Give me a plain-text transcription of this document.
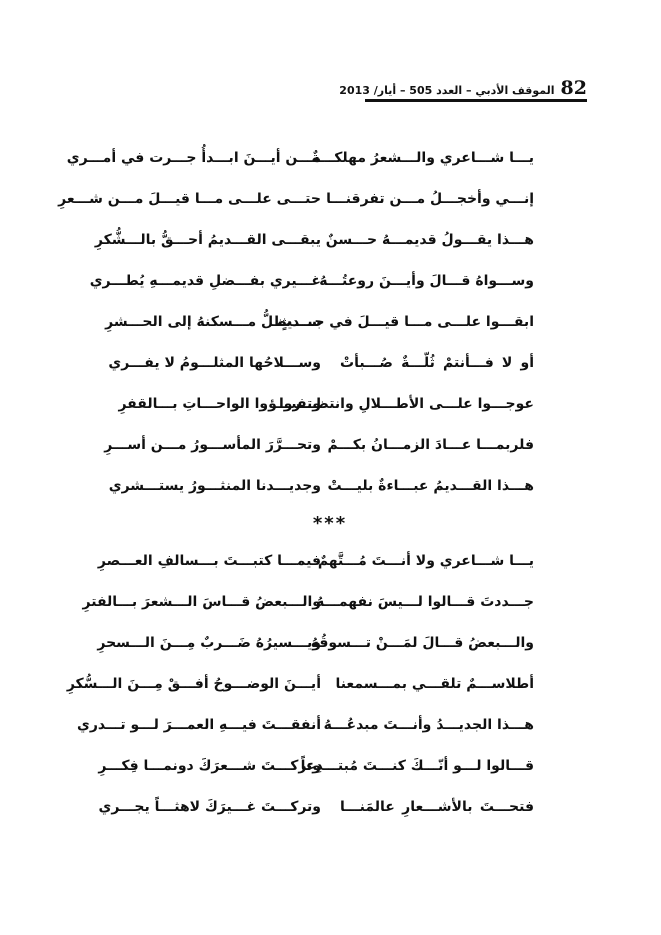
82
الموقف الأدبي – العدد 505 – أيار/ 2013
يـــا شـــاعري والـــشعرُ مهلكـــةٌ
مـــن أيـــنَ ابـــدأُ جـــرت في أمـــري
إنـــي وأخجـــلُ مـــن تفرقنـــا
حتـــى علـــى مـــا قيـــلَ مـــن شـــعرِ
هـــذا يقـــولُ قديمـــهُ حـــسنٌ
يبقـــى القـــديمُ أحـــقُّ بالـــشُّكرِ
وســـواهُ قـــالَ وأيـــنَ روعتُـــهُ
غـــيري بفـــضلِ قديمـــهِ يُطـــري
ابقـــوا علـــى مـــا قيـــلَ في جـــدثٍ
ســـيظلُّ مـــسكنهُ إلى الحـــشرِ
أو لا فـــأنتمْ ثُلّـــةٌ صُـــبأتْ
وســـلاحُها المثلـــومُ لا يفـــري
عوجـــوا علـــى الأطـــلالِ وانتظـــروا
وتفيـــؤوا الواحـــاتِ بـــالقفرِ
فلربمـــا عـــادَ الزمـــانُ بكـــمْ
وتحـــرَّرَ المأســـورُ مـــن أســـرِ
هـــذا القـــديمُ عبـــاءةٌ بليـــتْ
وجديـــدنا المنثـــورُ يستـــشري
***
يـــا شـــاعري ولا أنـــتَ مُـــتَّهمٌ
فيمـــا كتبـــتَ بـــسالفِ العـــصرِ
جـــددتَ قـــالوا لـــيسَ نفهمـــهُ
والـــبعضُ قـــاسَ الـــشعرَ بـــالفترِ
والـــبعضُ قـــالَ لمَـــنْ تـــسوقُهُ
ويـــسيرُهُ ضَـــربٌ مِـــنَ الـــسحرِ
أطلاســـمٌ تلقـــي بمـــسمعنا
أيـــنَ الوضـــوحُ أفـــقْ مِـــنَ الـــسُّكرِ
هـــذا الجديـــدُ وأنـــتَ مبدعُـــهُ
أنفقـــتَ فيـــهِ العمـــرَ لـــو تـــدري
قـــالوا لـــو أنّـــكَ كنـــتَ مُبتـــدِعاً
وتركـــتَ شـــعرَكَ دونمـــا فِكـــرِ
فتحـــتَ بالأشـــعارِ عالمَنـــا
وتركـــتَ غـــيرَكَ لاهثـــاً يجـــري
